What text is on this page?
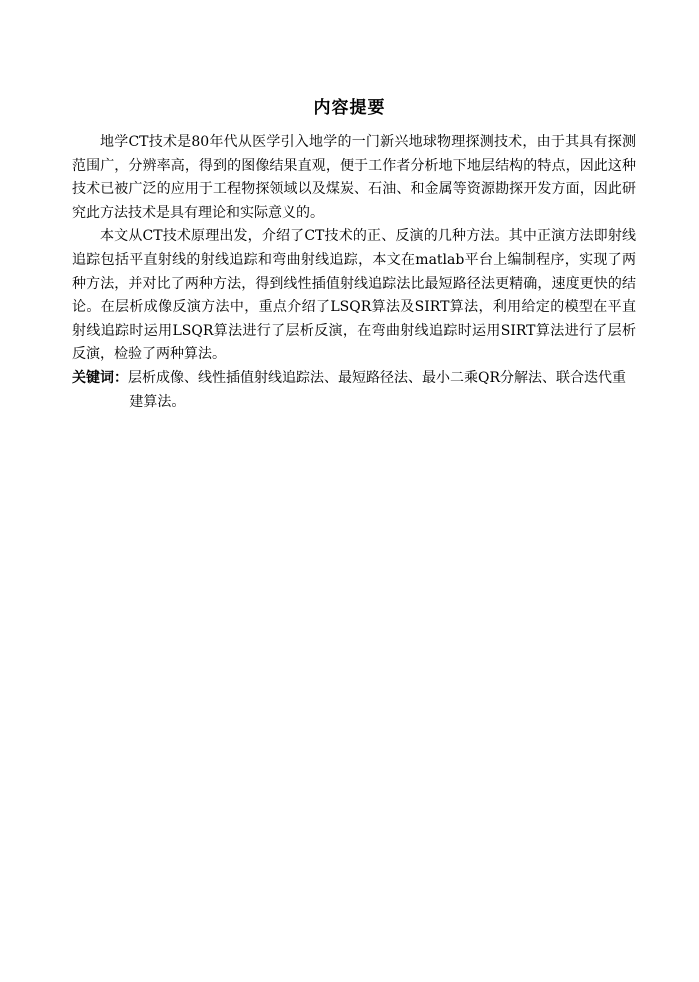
内容提要

地学CT技术是80年代从医学引入地学的一门新兴地球物理探测技术，由于其具有探测范围广，分辨率高，得到的图像结果直观，便于工作者分析地下地层结构的特点，因此这种技术已被广泛的应用于工程物探领域以及煤炭、石油、和金属等资源勘探开发方面，因此研究此方法技术是具有理论和实际意义的。

本文从CT技术原理出发，介绍了CT技术的正、反演的几种方法。其中正演方法即射线追踪包括平直射线的射线追踪和弯曲射线追踪，本文在matlab平台上编制程序，实现了两种方法，并对比了两种方法，得到线性插值射线追踪法比最短路径法更精确，速度更快的结论。在层析成像反演方法中，重点介绍了LSQR算法及SIRT算法，利用给定的模型在平直射线追踪时运用LSQR算法进行了层析反演，在弯曲射线追踪时运用SIRT算法进行了层析反演，检验了两种算法。

关键词：层析成像、线性插值射线追踪法、最短路径法、最小二乘QR分解法、联合迭代重建算法。
